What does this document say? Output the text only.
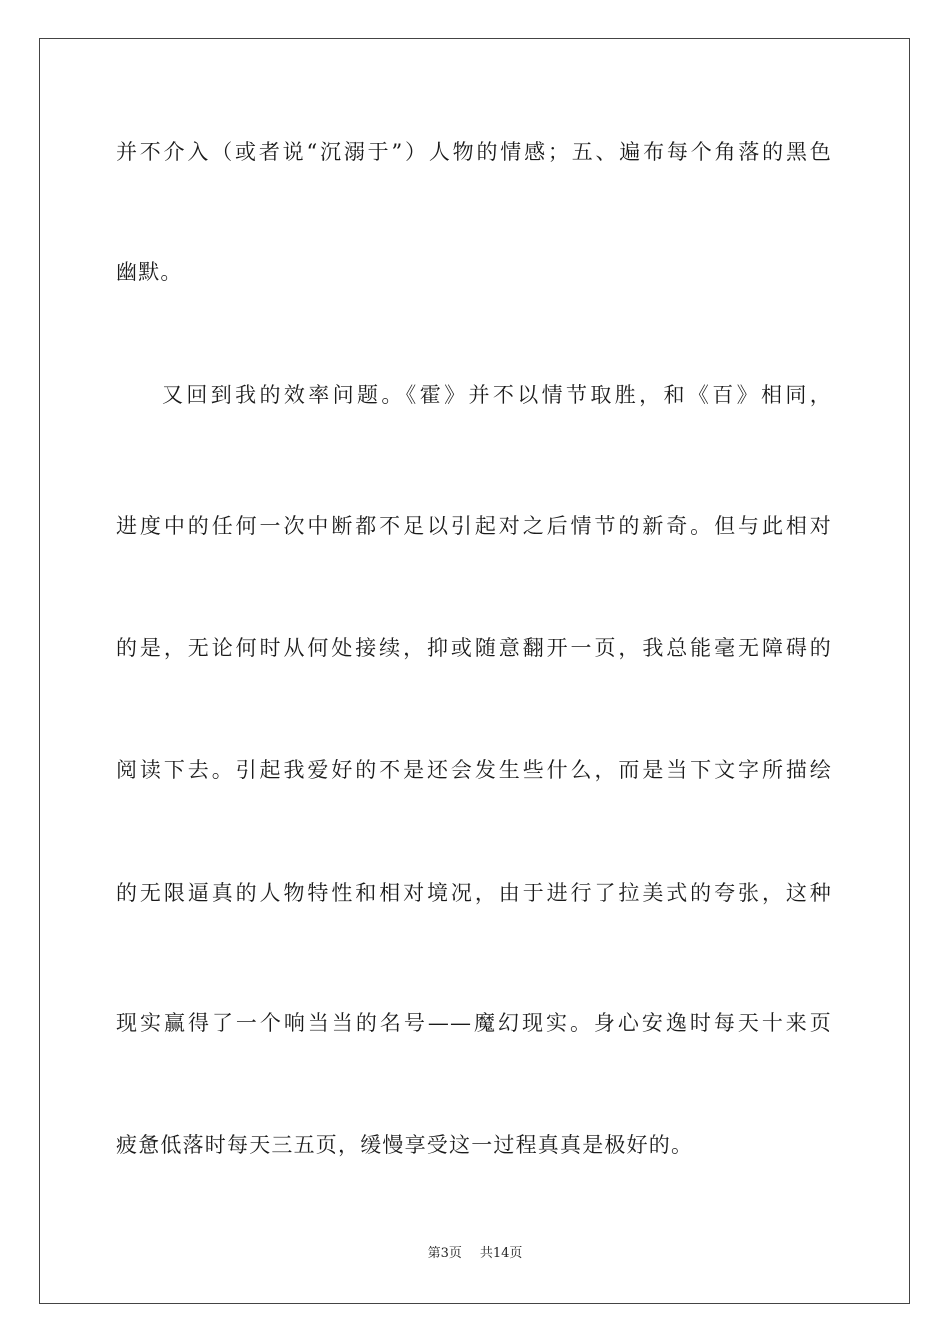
并不介入（或者说“沉溺于”）人物的情感；五、遍布每个角落的黑色
幽默。
又回到我的效率问题。《霍》并不以情节取胜，和《百》相同，
进度中的任何一次中断都不足以引起对之后情节的新奇。但与此相对
的是，无论何时从何处接续，抑或随意翻开一页，我总能毫无障碍的
阅读下去。引起我爱好的不是还会发生些什么，而是当下文字所描绘
的无限逼真的人物特性和相对境况，由于进行了拉美式的夸张，这种
现实赢得了一个响当当的名号——魔幻现实。身心安逸时每天十来页
疲惫低落时每天三五页，缓慢享受这一过程真真是极好的。
第3页 共14页
